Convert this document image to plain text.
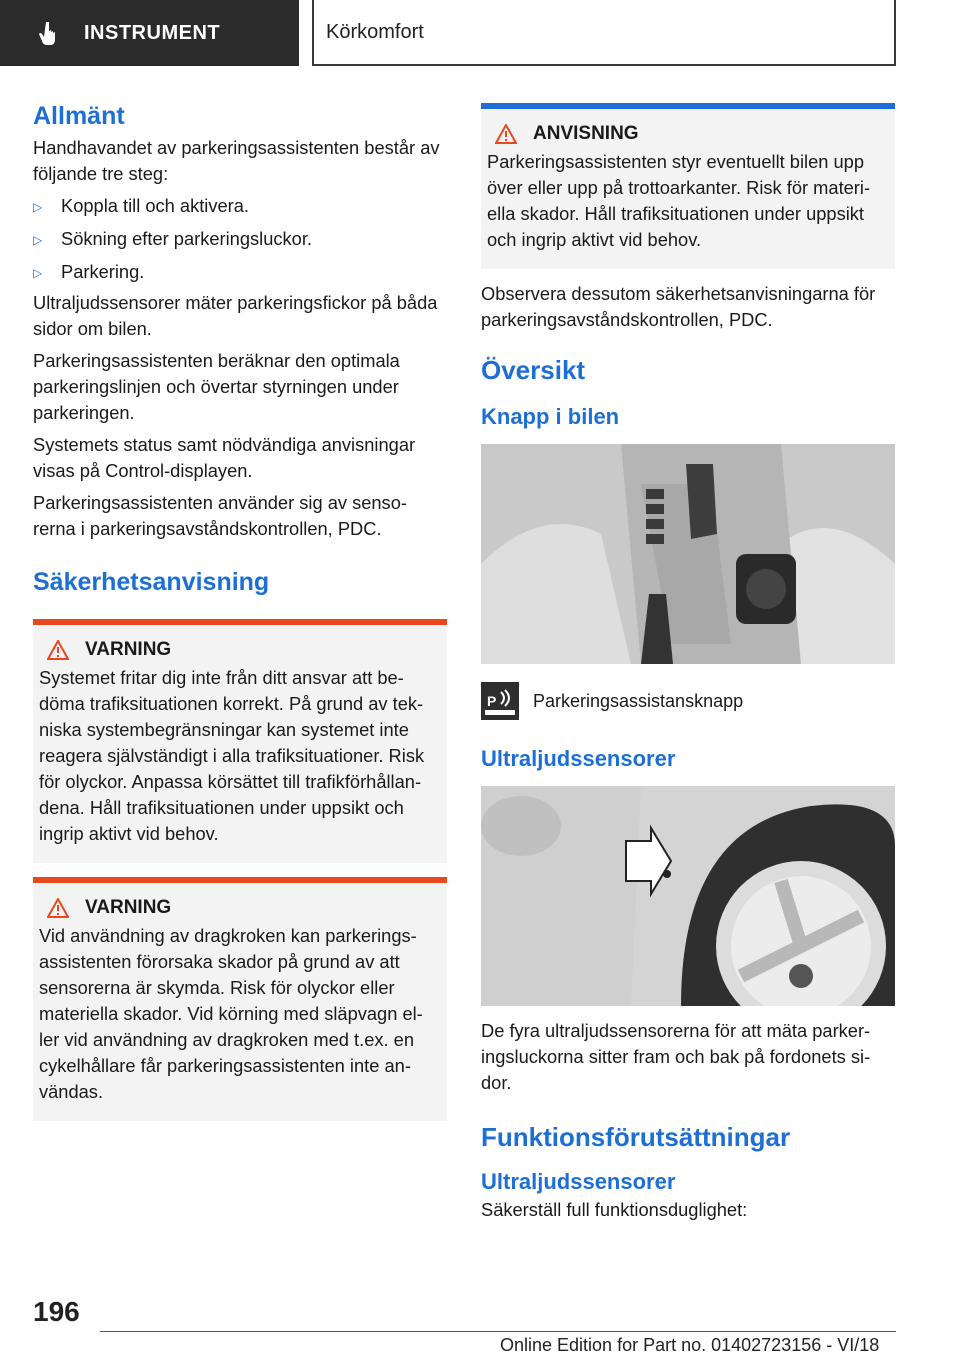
INSTRUMENT	Körkomfort
Allmänt

Handhavandet av parkeringsassistenten består av följande tre steg:

▷	Koppla till och aktivera.
▷	Sökning efter parkeringsluckor.
▷	Parkering.

Ultraljudssensorer mäter parkeringsfickor på båda sidor om bilen.

Parkeringsassistenten beräknar den optimala parkeringslinjen och övertar styrningen under parkeringen.

Systemets status samt nödvändiga anvisningar visas på Control-displayen.

Parkeringsassistenten använder sig av senso-rerna i parkeringsavståndskontrollen, PDC.

Säkerhetsanvisning
VARNING

Systemet fritar dig inte från ditt ansvar att be-döma trafiksituationen korrekt. På grund av tek-niska systembegränsningar kan systemet inte reagera självständigt i alla trafiksituationer. Risk för olyckor. Anpassa körsättet till trafikförhållan-dena. Håll trafiksituationen under uppsikt och ingrip aktivt vid behov.

VARNING

Vid användning av dragkroken kan parkerings-assistenten förorsaka skador på grund av att sensorerna är skymda. Risk för olyckor eller materiella skador. Vid körning med släpvagn el-ler vid användning av dragkroken med t.ex. en cykelhållare får parkeringsassistenten inte an-vändas.

ANVISNING

Parkeringsassistenten styr eventuellt bilen upp över eller upp på trottoarkanter. Risk för materi-ella skador. Håll trafiksituationen under uppsikt och ingrip aktivt vid behov.

Observera dessutom säkerhetsanvisningarna för parkeringsavståndskontrollen, PDC.

Översikt
Knapp i bilen
P Parkeringsassistansknapp
Ultraljudssensorer

De fyra ultraljudssensorerna för att mäta parker-ingsluckorna sitter fram och bak på fordonets si-dor.

Funktionsförutsättningar
Ultraljudssensorer

Säkerställ full funktionsduglighet:

196
Online Edition for Part no. 01402723156 - VI/18
